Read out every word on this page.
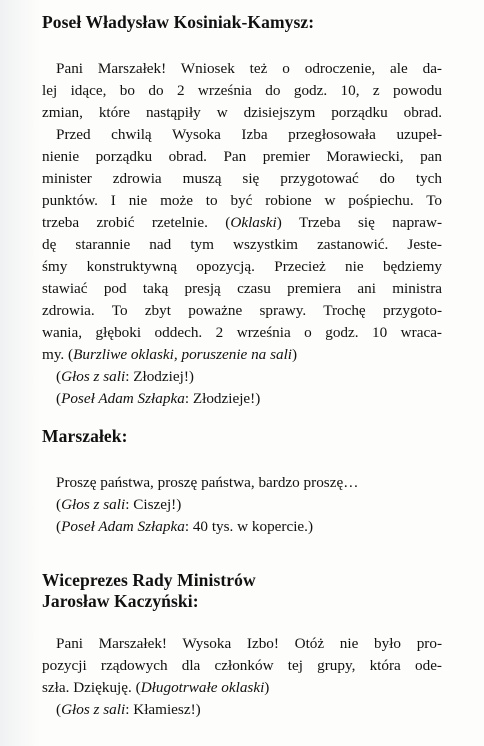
Poseł Władysław Kosiniak-Kamysz:
Pani Marszałek! Wniosek też o odroczenie, ale da-
lej idące, bo do 2 września do godz. 10, z powodu
zmian, które nastąpiły w dzisiejszym porządku obrad.
Przed chwilą Wysoka Izba przegłosowała uzupeł-
nienie porządku obrad. Pan premier Morawiecki, pan
minister zdrowia muszą się przygotować do tych
punktów. I nie może to być robione w pośpiechu. To
trzeba zrobić rzetelnie. (Oklaski) Trzeba się napraw-
dę starannie nad tym wszystkim zastanowić. Jeste-
śmy konstruktywną opozycją. Przecież nie będziemy
stawiać pod taką presją czasu premiera ani ministra
zdrowia. To zbyt poważne sprawy. Trochę przygoto-
wania, głęboki oddech. 2 września o godz. 10 wraca-
my. (Burzliwe oklaski, poruszenie na sali)
(Głos z sali: Złodziej!)
(Poseł Adam Szłapka: Złodzieje!)
Marszałek:
Proszę państwa, proszę państwa, bardzo proszę…
(Głos z sali: Ciszej!)
(Poseł Adam Szłapka: 40 tys. w kopercie.)
Wiceprezes Rady Ministrów
Jarosław Kaczyński:
Pani Marszałek! Wysoka Izbo! Otóż nie było pro-
pozycji rządowych dla członków tej grupy, która ode-
szła. Dziękuję. (Długotrwałe oklaski)
(Głos z sali: Kłamiesz!)
